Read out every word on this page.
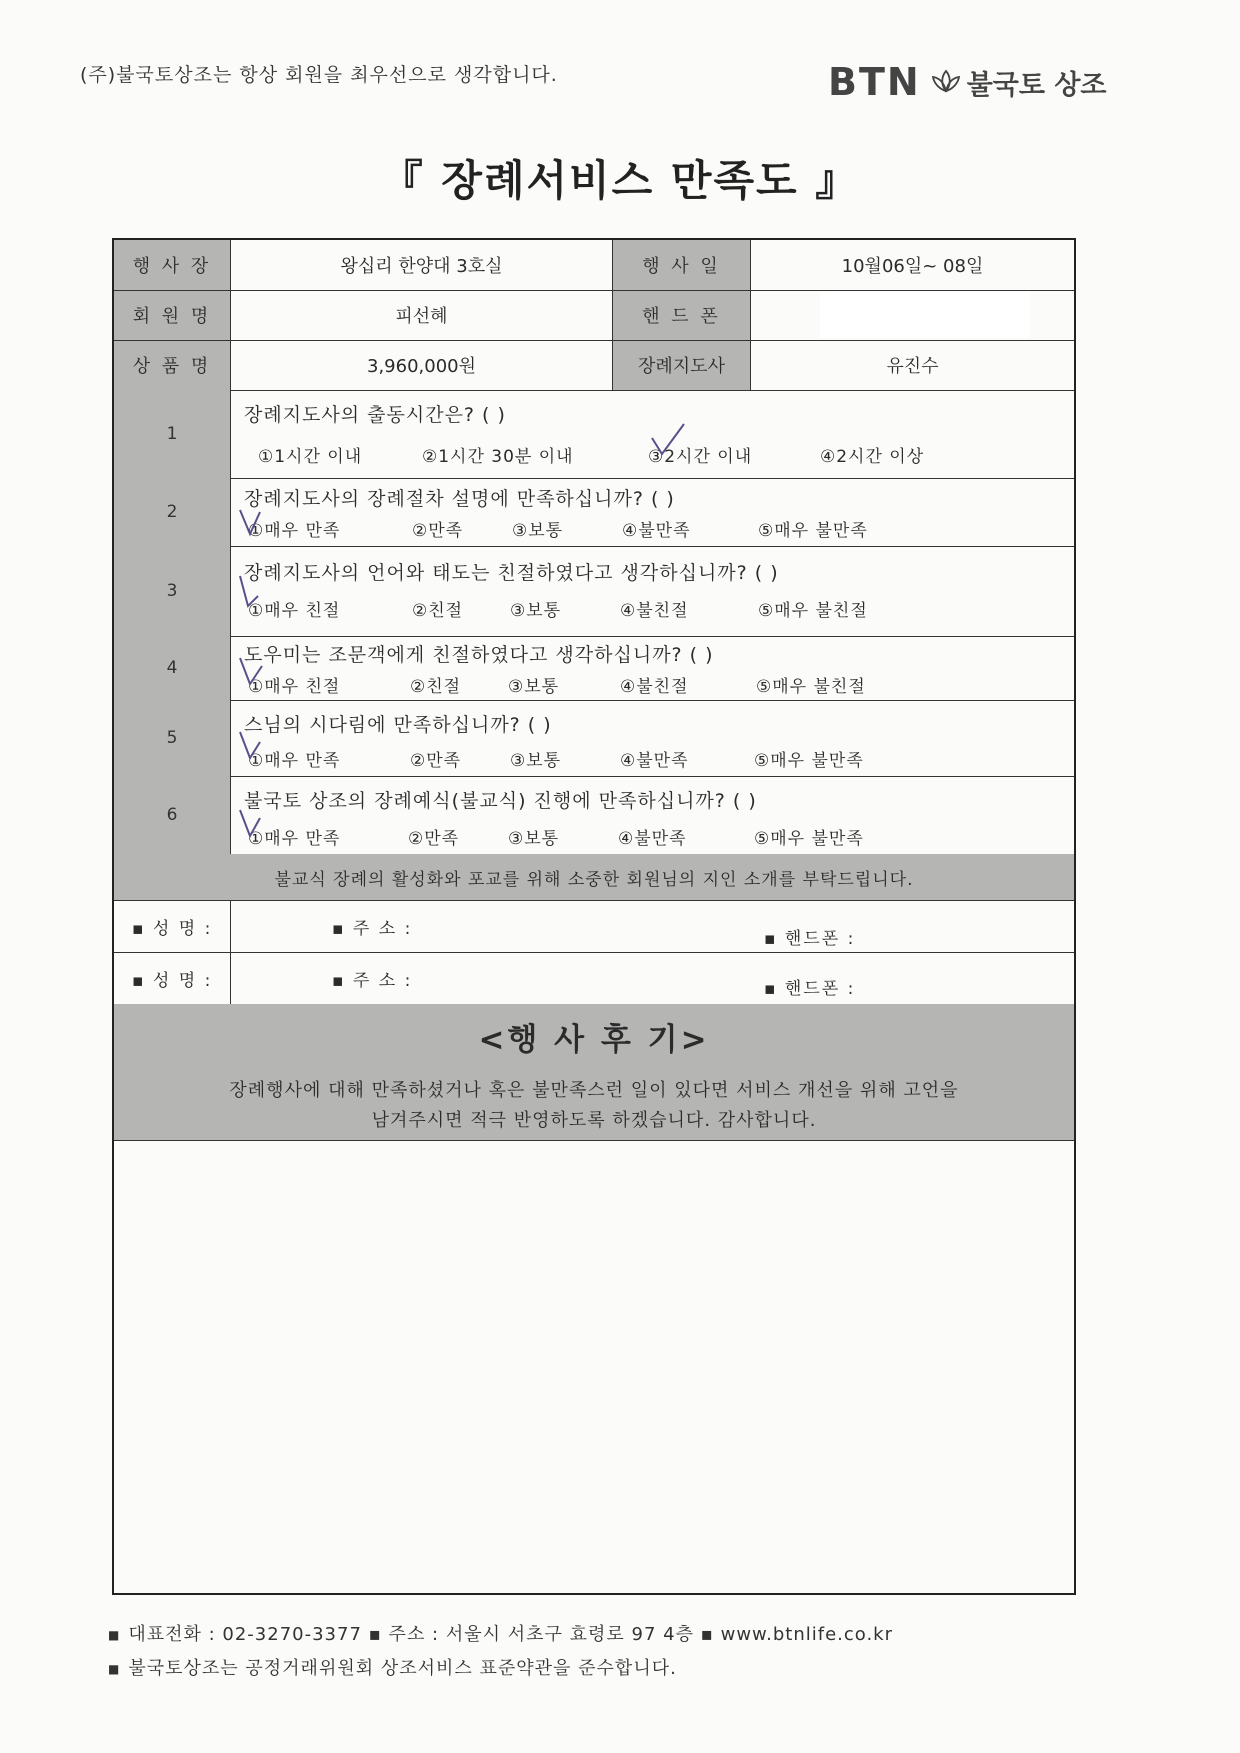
(주)불국토상조는 항상 회원을 최우선으로 생각합니다.	BTN 불국토 상조
『 장례서비스 만족도 』
행 사 장	왕십리 한양대 3호실	행 사 일	10월06일~ 08일
회 원 명	피선혜	핸 드 폰
상 품 명	3,960,000원	장례지도사	유진수
1
장례지도사의 출동시간은? ( )
①1시간 이내	②1시간 30분 이내	③2시간 이내	④2시간 이상
2
장례지도사의 장례절차 설명에 만족하십니까? ( )
①매우 만족	②만족	③보통	④불만족	⑤매우 불만족
3
장례지도사의 언어와 태도는 친절하였다고 생각하십니까? ( )
①매우 친절	②친절	③보통	④불친절	⑤매우 불친절
4
도우미는 조문객에게 친절하였다고 생각하십니까? ( )
①매우 친절	②친절	③보통	④불친절	⑤매우 불친절
5
스님의 시다림에 만족하십니까? ( )
①매우 만족	②만족	③보통	④불만족	⑤매우 불만족
6
불국토 상조의 장례예식(불교식) 진행에 만족하십니까? ( )
①매우 만족	②만족	③보통	④불만족	⑤매우 불만족
불교식 장례의 활성화와 포교를 위해 소중한 회원님의 지인 소개를 부탁드립니다.
▪ 성 명 :	▪ 주 소 :	▪ 핸드폰 :
▪ 성 명 :	▪ 주 소 :	▪ 핸드폰 :
<행 사 후 기>
장례행사에 대해 만족하셨거나 혹은 불만족스런 일이 있다면 서비스 개선을 위해 고언을
남겨주시면 적극 반영하도록 하겠습니다. 감사합니다.
■ 대표전화 : 02-3270-3377 ▪ 주소 : 서울시 서초구 효령로 97 4층 ▪ www.btnlife.co.kr
■ 불국토상조는 공정거래위원회 상조서비스 표준약관을 준수합니다.
